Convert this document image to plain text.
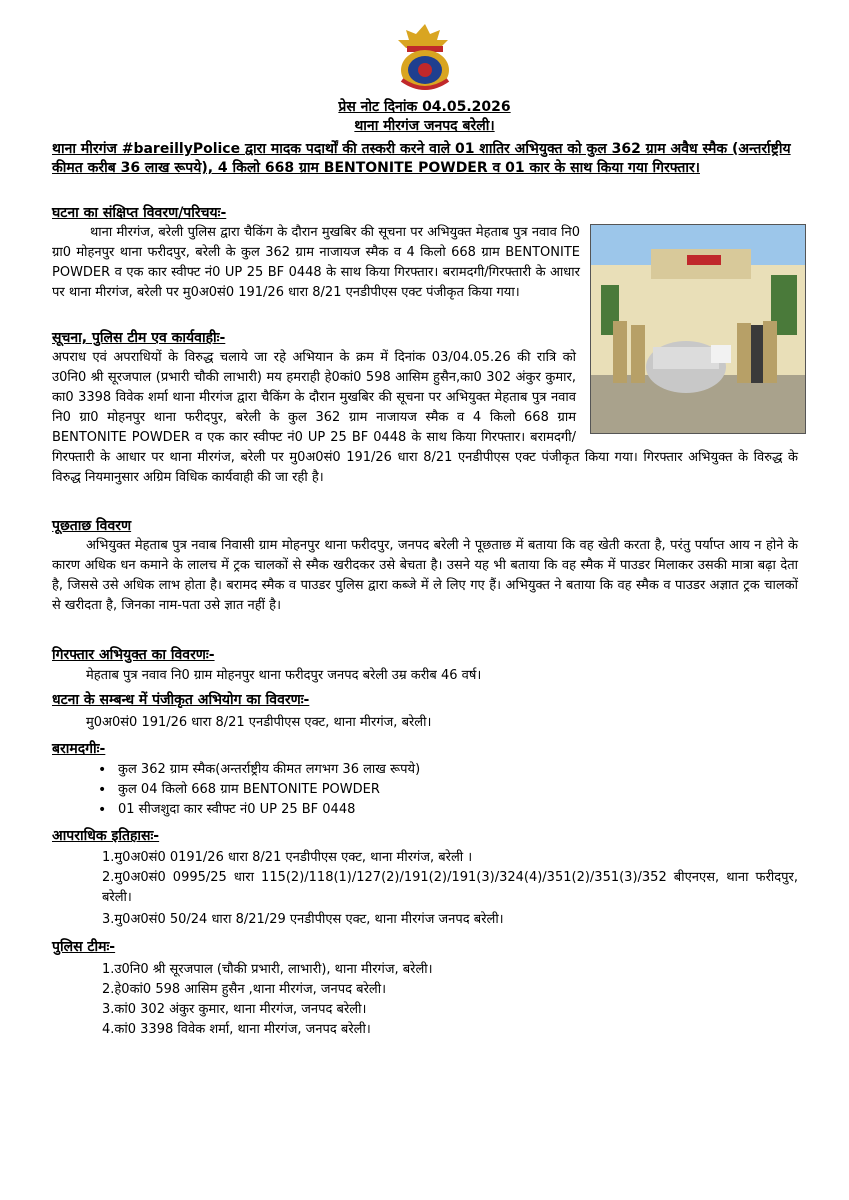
प्रेस नोट दिनांक 04.05.2026
थाना मीरगंज जनपद बरेली।
थाना मीरगंज #bareillyPolice द्वारा मादक पदार्थों की तस्करी करने वाले 01 शातिर अभियुक्त को कुल 362 ग्राम अवैध स्मैक (अन्तर्राष्ट्रीय कीमत करीब 36 लाख रूपये), 4 किलो 668 ग्राम BENTONITE POWDER व 01 कार के साथ किया गया गिरफ्तार।
घटना का संक्षिप्त विवरण/परिचयः-
थाना मीरगंज, बरेली पुलिस द्वारा चैकिंग के दौरान मुखबिर की सूचना पर अभियुक्त मेहताब पुत्र नवाव नि0 ग्रा0 मोहनपुर थाना फरीदपुर, बरेली के कुल 362 ग्राम नाजायज स्मैक व 4 किलो 668 ग्राम BENTONITE POWDER व एक कार स्वीफ्ट नं0 UP 25 BF 0448 के साथ किया गिरफ्तार। बरामदगी/गिरफ्तारी के आधार पर थाना मीरगंज, बरेली पर मु0अ0सं0 191/26 धारा 8/21 एनडीपीएस एक्ट पंजीकृत किया गया।
सूचना, पुलिस टीम एव कार्यवाहीः-
अपराध एवं अपराधियों के विरुद्ध चलाये जा रहे अभियान के क्रम में दिनांक 03/04.05.26 की रात्रि को उ0नि0 श्री सूरजपाल (प्रभारी चौकी लाभारी) मय हमराही हे0कां0 598 आसिम हुसैन,का0 302 अंकुर कुमार, का0 3398 विवेक शर्मा थाना मीरगंज द्वारा चैकिंग के दौरान मुखबिर की सूचना पर अभियुक्त मेहताब पुत्र नवाव नि0 ग्रा0 मोहनपुर थाना फरीदपुर, बरेली के कुल 362 ग्राम नाजायज स्मैक व 4 किलो 668 ग्राम BENTONITE POWDER व एक कार स्वीफ्ट नं0 UP 25 BF 0448 के साथ किया गिरफ्तार। बरामदगी/गिरफ्तारी के आधार पर थाना मीरगंज, बरेली पर मु0अ0सं0 191/26 धारा 8/21 एनडीपीएस एक्ट पंजीकृत किया गया। गिरफ्तार अभियुक्त के विरुद्ध के विरुद्ध नियमानुसार अग्रिम विधिक कार्यवाही की जा रही है।
पूछताछ विवरण
अभियुक्त मेहताब पुत्र नवाब निवासी ग्राम मोहनपुर थाना फरीदपुर, जनपद बरेली ने पूछताछ में बताया कि वह खेती करता है, परंतु पर्याप्त आय न होने के कारण अधिक धन कमाने के लालच में ट्रक चालकों से स्मैक खरीदकर उसे बेचता है। उसने यह भी बताया कि वह स्मैक में पाउडर मिलाकर उसकी मात्रा बढ़ा देता है, जिससे उसे अधिक लाभ होता है। बरामद स्मैक व पाउडर पुलिस द्वारा कब्जे में ले लिए गए हैं। अभियुक्त ने बताया कि वह स्मैक व पाउडर अज्ञात ट्रक चालकों से खरीदता है, जिनका नाम-पता उसे ज्ञात नहीं है।
गिरफ्तार अभियुक्त का विवरणः-
मेहताब पुत्र नवाव नि0 ग्राम मोहनपुर थाना फरीदपुर जनपद बरेली उम्र करीब 46 वर्ष।
धटना के सम्बन्ध में पंजीकृत अभियोग का विवरणः-
मु0अ0सं0 191/26 धारा 8/21 एनडीपीएस एक्ट, थाना मीरगंज, बरेली।
बरामदगीः-
• कुल 362 ग्राम स्मैक(अन्तर्राष्ट्रीय कीमत लगभग 36 लाख रूपये)
• कुल 04 किलो 668 ग्राम BENTONITE POWDER
• 01 सीजशुदा कार स्वीफ्ट नं0 UP 25 BF 0448
आपराधिक इतिहासः-
1.मु0अ0सं0 0191/26 धारा 8/21 एनडीपीएस एक्ट, थाना मीरगंज, बरेली ।
2.मु0अ0सं0 0995/25 धारा 115(2)/118(1)/127(2)/191(2)/191(3)/324(4)/351(2)/351(3)/352 बीएनएस, थाना फरीदपुर, बरेली।
3.मु0अ0सं0 50/24 धारा 8/21/29 एनडीपीएस एक्ट, थाना मीरगंज जनपद बरेली।
पुलिस टीमः-
1.उ0नि0 श्री सूरजपाल (चौकी प्रभारी, लाभारी), थाना मीरगंज, बरेली।
2.हे0कां0 598 आसिम हुसैन ,थाना मीरगंज, जनपद बरेली।
3.कां0 302 अंकुर कुमार, थाना मीरगंज, जनपद बरेली।
4.कां0 3398 विवेक शर्मा, थाना मीरगंज, जनपद बरेली।
